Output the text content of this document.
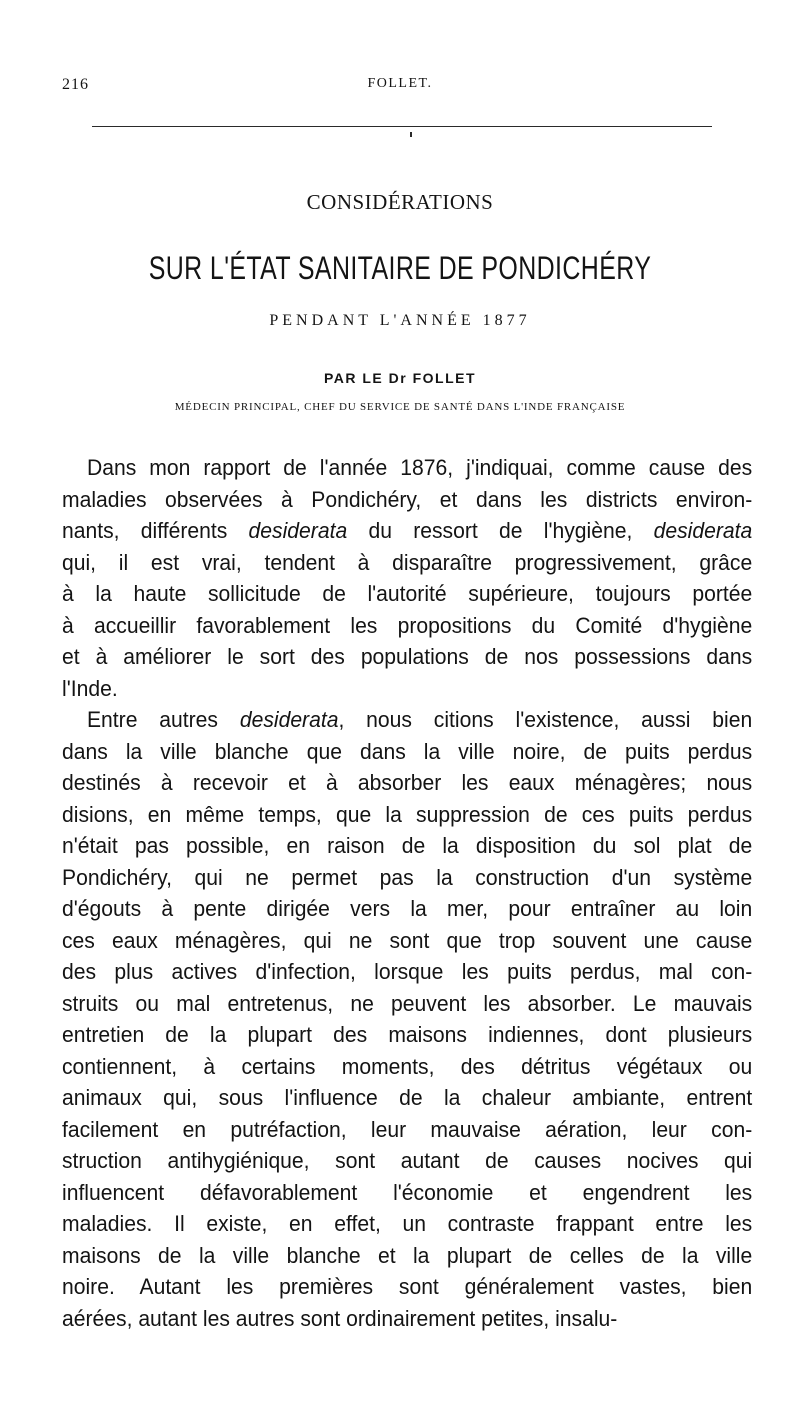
216	FOLLET.
CONSIDÉRATIONS
SUR L'ÉTAT SANITAIRE DE PONDICHÉRY
PENDANT L'ANNÉE 1877
PAR LE Dr FOLLET
MÉDECIN PRINCIPAL, CHEF DU SERVICE DE SANTÉ DANS L'INDE FRANÇAISE
Dans mon rapport de l'année 1876, j'indiquai, comme cause des
maladies observées à Pondichéry, et dans les districts environ-
nants, différents desiderata du ressort de l'hygiène, desiderata
qui, il est vrai, tendent à disparaître progressivement, grâce
à la haute sollicitude de l'autorité supérieure, toujours portée
à accueillir favorablement les propositions du Comité d'hygiène
et à améliorer le sort des populations de nos possessions dans
l'Inde.
Entre autres desiderata, nous citions l'existence, aussi bien
dans la ville blanche que dans la ville noire, de puits perdus
destinés à recevoir et à absorber les eaux ménagères; nous
disions, en même temps, que la suppression de ces puits perdus
n'était pas possible, en raison de la disposition du sol plat de
Pondichéry, qui ne permet pas la construction d'un système
d'égouts à pente dirigée vers la mer, pour entraîner au loin
ces eaux ménagères, qui ne sont que trop souvent une cause
des plus actives d'infection, lorsque les puits perdus, mal con-
struits ou mal entretenus, ne peuvent les absorber. Le mauvais
entretien de la plupart des maisons indiennes, dont plusieurs
contiennent, à certains moments, des détritus végétaux ou
animaux qui, sous l'influence de la chaleur ambiante, entrent
facilement en putréfaction, leur mauvaise aération, leur con-
struction antihygiénique, sont autant de causes nocives qui
influencent défavorablement l'économie et engendrent les
maladies. Il existe, en effet, un contraste frappant entre les
maisons de la ville blanche et la plupart de celles de la ville
noire. Autant les premières sont généralement vastes, bien
aérées, autant les autres sont ordinairement petites, insalu-
